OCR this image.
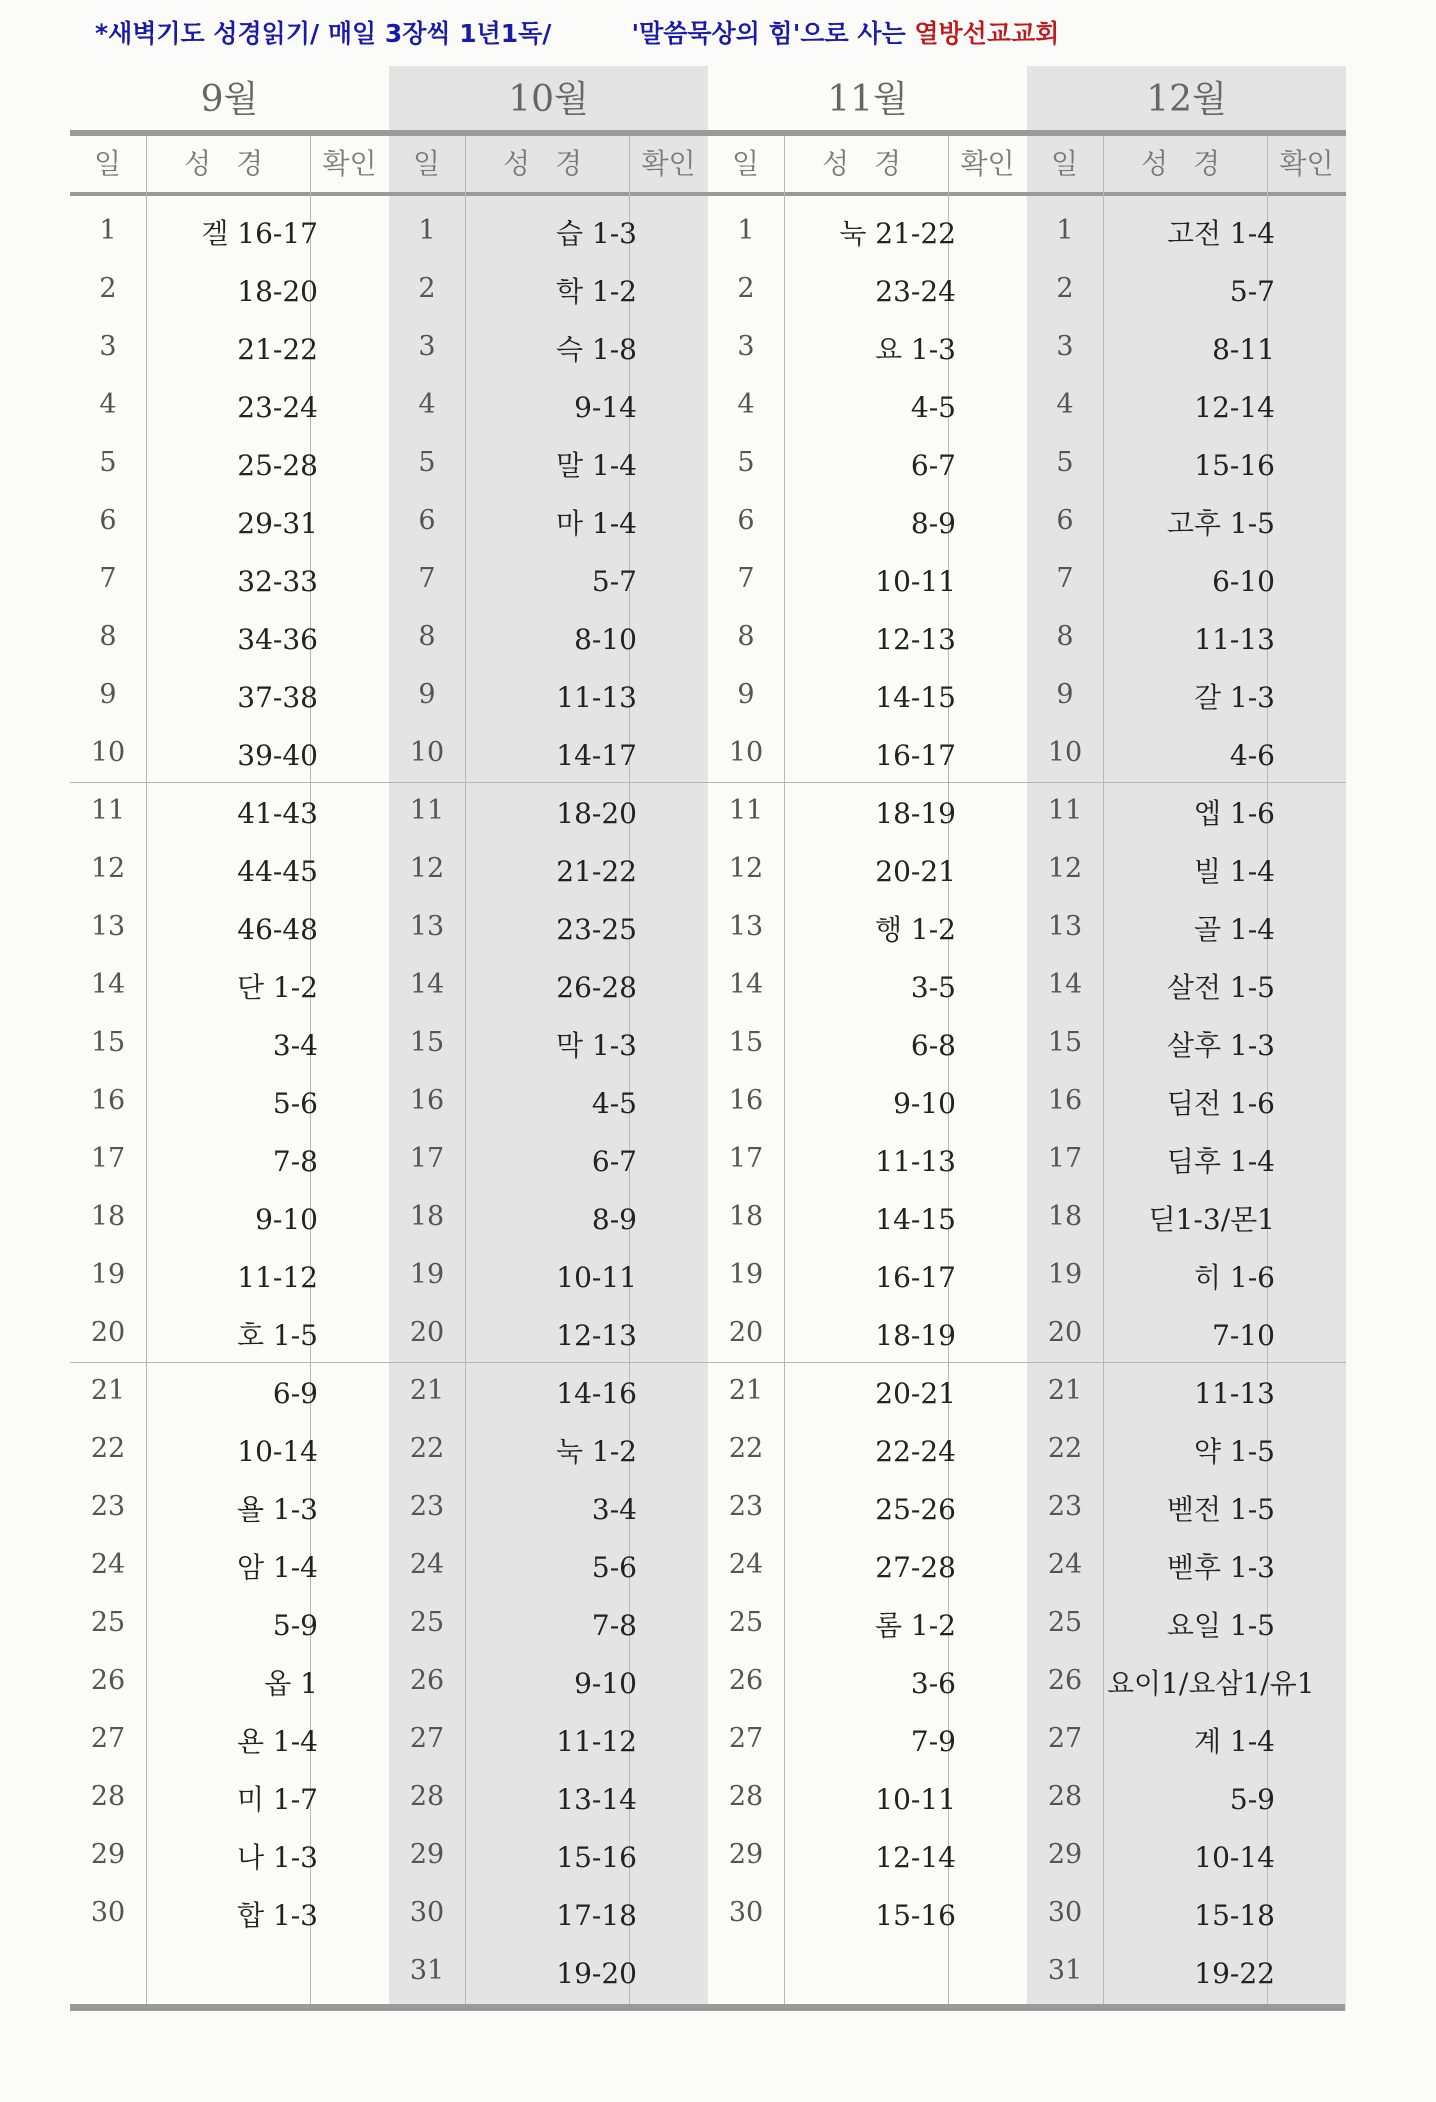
*새벽기도 성경읽기/ 매일 3장씩 1년1독/	'말씀묵상의 힘'으로 사는 열방선교교회
9월
일	성 경	확인
1	겔 16-17
2	18-20
3	21-22
4	23-24
5	25-28
6	29-31
7	32-33
8	34-36
9	37-38
10	39-40
11	41-43
12	44-45
13	46-48
14	단 1-2
15	3-4
16	5-6
17	7-8
18	9-10
19	11-12
20	호 1-5
21	6-9
22	10-14
23	욜 1-3
24	암 1-4
25	5-9
26	옵 1
27	욘 1-4
28	미 1-7
29	나 1-3
30	합 1-3
10월
일	성 경	확인
1	습 1-3
2	학 1-2
3	슥 1-8
4	9-14
5	말 1-4
6	마 1-4
7	5-7
8	8-10
9	11-13
10	14-17
11	18-20
12	21-22
13	23-25
14	26-28
15	막 1-3
16	4-5
17	6-7
18	8-9
19	10-11
20	12-13
21	14-16
22	눅 1-2
23	3-4
24	5-6
25	7-8
26	9-10
27	11-12
28	13-14
29	15-16
30	17-18
31	19-20
11월
일	성 경	확인
1	눅 21-22
2	23-24
3	요 1-3
4	4-5
5	6-7
6	8-9
7	10-11
8	12-13
9	14-15
10	16-17
11	18-19
12	20-21
13	행 1-2
14	3-5
15	6-8
16	9-10
17	11-13
18	14-15
19	16-17
20	18-19
21	20-21
22	22-24
23	25-26
24	27-28
25	롬 1-2
26	3-6
27	7-9
28	10-11
29	12-14
30	15-16
12월
일	성 경	확인
1	고전 1-4
2	5-7
3	8-11
4	12-14
5	15-16
6	고후 1-5
7	6-10
8	11-13
9	갈 1-3
10	4-6
11	엡 1-6
12	빌 1-4
13	골 1-4
14	살전 1-5
15	살후 1-3
16	딤전 1-6
17	딤후 1-4
18	딛1-3/몬1
19	히 1-6
20	7-10
21	11-13
22	약 1-5
23	벧전 1-5
24	벧후 1-3
25	요일 1-5
26 요이1/요삼1/유1
27	계 1-4
28	5-9
29	10-14
30	15-18
31	19-22
